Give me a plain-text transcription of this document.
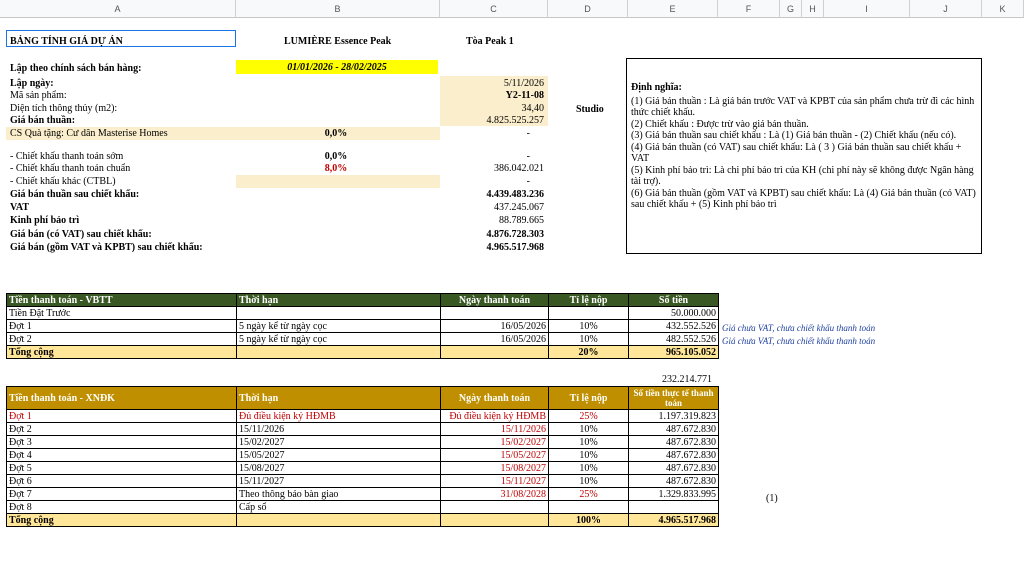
A	B	C	D	E	F	G	H	I	J	K
BẢNG TÍNH GIÁ DỰ ÁN	LUMIÈRE Essence Peak	Tòa Peak 1
Lập theo chính sách bán hàng:	01/01/2026 - 28/02/2025
Lập ngày:	5/11/2026
Mã sản phẩm:	Y2-11-08
Studio
Diện tích thông thủy (m2):	34,40
Giá bán thuần:	4.825.525.257
CS Quà tặng: Cư dân Masterise Homes	0,0%	-
- Chiết khấu thanh toán sớm	0,0%	-
- Chiết khấu thanh toán chuẩn	8,0%	386.042.021
- Chiết khấu khác (CTBL)	-
Giá bán thuần sau chiết khấu:	4.439.483.236
VAT	437.245.067
Kinh phí bảo trì	88.789.665
Giá bán (có VAT) sau chiết khấu:	4.876.728.303
Giá bán (gồm VAT và KPBT) sau chiết khấu:	4.965.517.968
Định nghĩa:
(1) Giá bán thuần : Là giá bán trước VAT và KPBT của sản phẩm chưa trừ đi các hình thức chiết khấu.
(2) Chiết khấu : Được trừ vào giá bán thuần.
(3) Giá bán thuần sau chiết khấu : Là (1) Giá bán thuần - (2) Chiết khấu (nếu có).
(4) Giá bán thuần (có VAT) sau chiết khấu: Là ( 3 ) Giá bán thuần sau chiết khấu + VAT
(5) Kinh phí bảo trì: Là chi phí bảo trì của KH (chi phí này sẽ không được Ngân hàng tài trợ).
(6) Giá bán thuần (gồm VAT và KPBT) sau chiết khấu: Là (4) Giá bán thuần (có VAT) sau chiết khấu + (5) Kinh phí bảo trì
Tiền thanh toán - VBTT	Thời hạn	Ngày thanh toán	Tỉ lệ nộp	Số tiền
Tiền Đặt Trước				50.000.000
Đợt 1	5 ngày kể từ ngày cọc	16/05/2026	10%	432.552.526
Đợt 2	5 ngày kể từ ngày cọc	16/05/2026	10%	482.552.526
Tổng cộng			20%	965.105.052
Giá chưa VAT, chưa chiết khấu thanh toán
Giá chưa VAT, chưa chiết khấu thanh toán
232.214.771
Tiền thanh toán - XNĐK	Thời hạn	Ngày thanh toán	Tỉ lệ nộp	Số tiền thực tế thanh toán
Đợt 1	Đủ điều kiện ký HĐMB	Đủ điều kiện ký HĐMB	25%	1.197.319.823
Đợt 2	15/11/2026	15/11/2026	10%	487.672.830
Đợt 3	15/02/2027	15/02/2027	10%	487.672.830
Đợt 4	15/05/2027	15/05/2027	10%	487.672.830
Đợt 5	15/08/2027	15/08/2027	10%	487.672.830
Đợt 6	15/11/2027	15/11/2027	10%	487.672.830
Đợt 7	Theo thông báo bàn giao	31/08/2028	25%	1.329.833.995
Đợt 8	Cấp sổ			
Tổng cộng			100%	4.965.517.968
(1)
